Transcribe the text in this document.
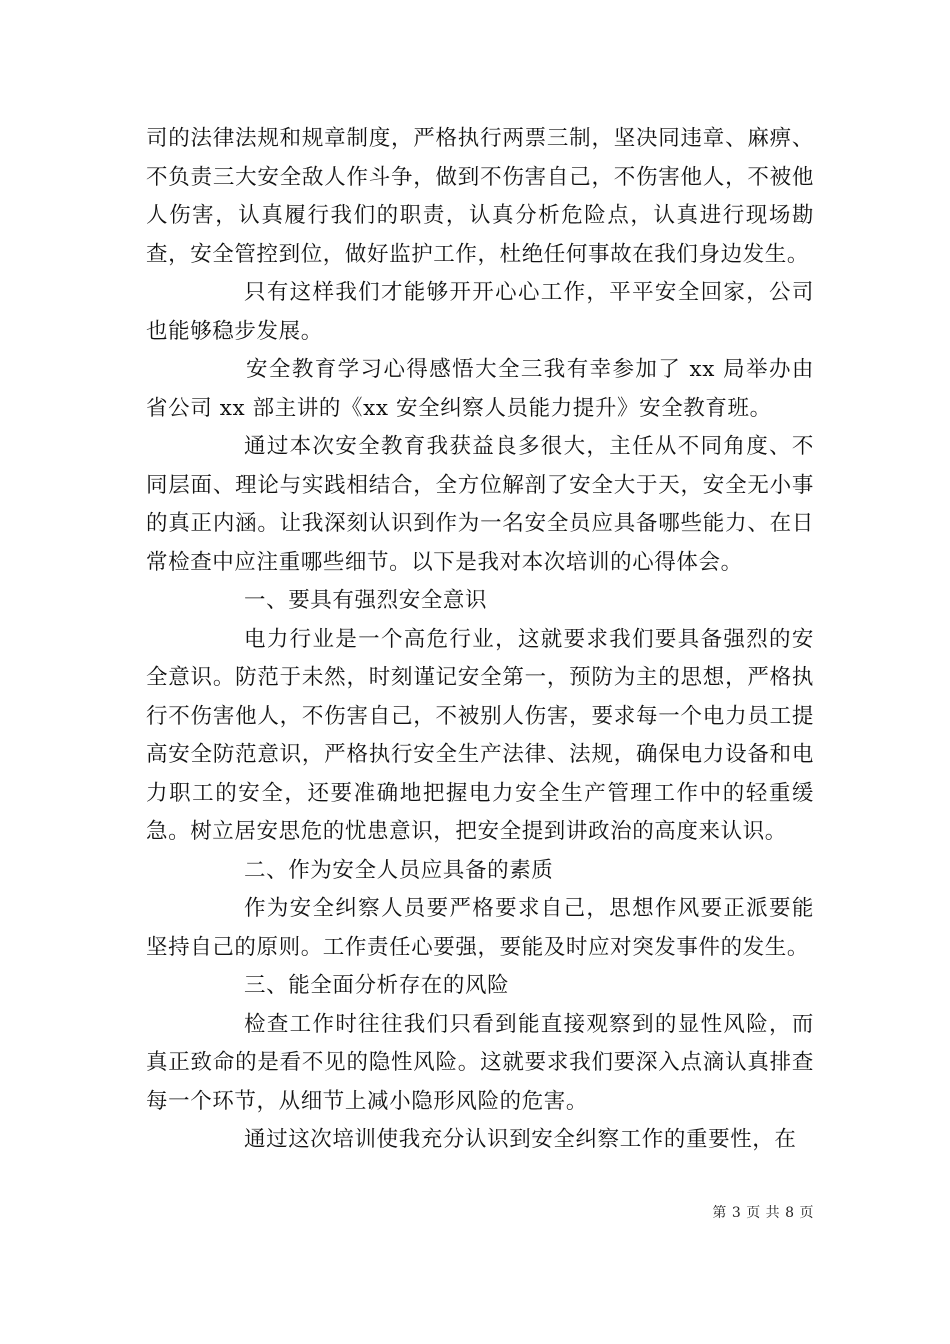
司的法律法规和规章制度，严格执行两票三制，坚决同违章、麻痹、不负责三大安全敌人作斗争，做到不伤害自己，不伤害他人，不被他人伤害，认真履行我们的职责，认真分析危险点，认真进行现场勘查，安全管控到位，做好监护工作，杜绝任何事故在我们身边发生。

只有这样我们才能够开开心心工作，平平安全回家，公司也能够稳步发展。

安全教育学习心得感悟大全三我有幸参加了 xx 局举办由省公司 xx 部主讲的《xx 安全纠察人员能力提升》安全教育班。

通过本次安全教育我获益良多很大，主任从不同角度、不同层面、理论与实践相结合，全方位解剖了安全大于天，安全无小事的真正内涵。让我深刻认识到作为一名安全员应具备哪些能力、在日常检查中应注重哪些细节。以下是我对本次培训的心得体会。

一、要具有强烈安全意识

电力行业是一个高危行业，这就要求我们要具备强烈的安全意识。防范于未然，时刻谨记安全第一，预防为主的思想，严格执行不伤害他人，不伤害自己，不被别人伤害，要求每一个电力员工提高安全防范意识，严格执行安全生产法律、法规，确保电力设备和电力职工的安全，还要准确地把握电力安全生产管理工作中的轻重缓急。树立居安思危的忧患意识，把安全提到讲政治的高度来认识。

二、作为安全人员应具备的素质

作为安全纠察人员要严格要求自己，思想作风要正派要能坚持自己的原则。工作责任心要强，要能及时应对突发事件的发生。

三、能全面分析存在的风险

检查工作时往往我们只看到能直接观察到的显性风险，而真正致命的是看不见的隐性风险。这就要求我们要深入点滴认真排查每一个环节，从细节上减小隐形风险的危害。

通过这次培训使我充分认识到安全纠察工作的重要性，在

第 3 页 共 8 页
